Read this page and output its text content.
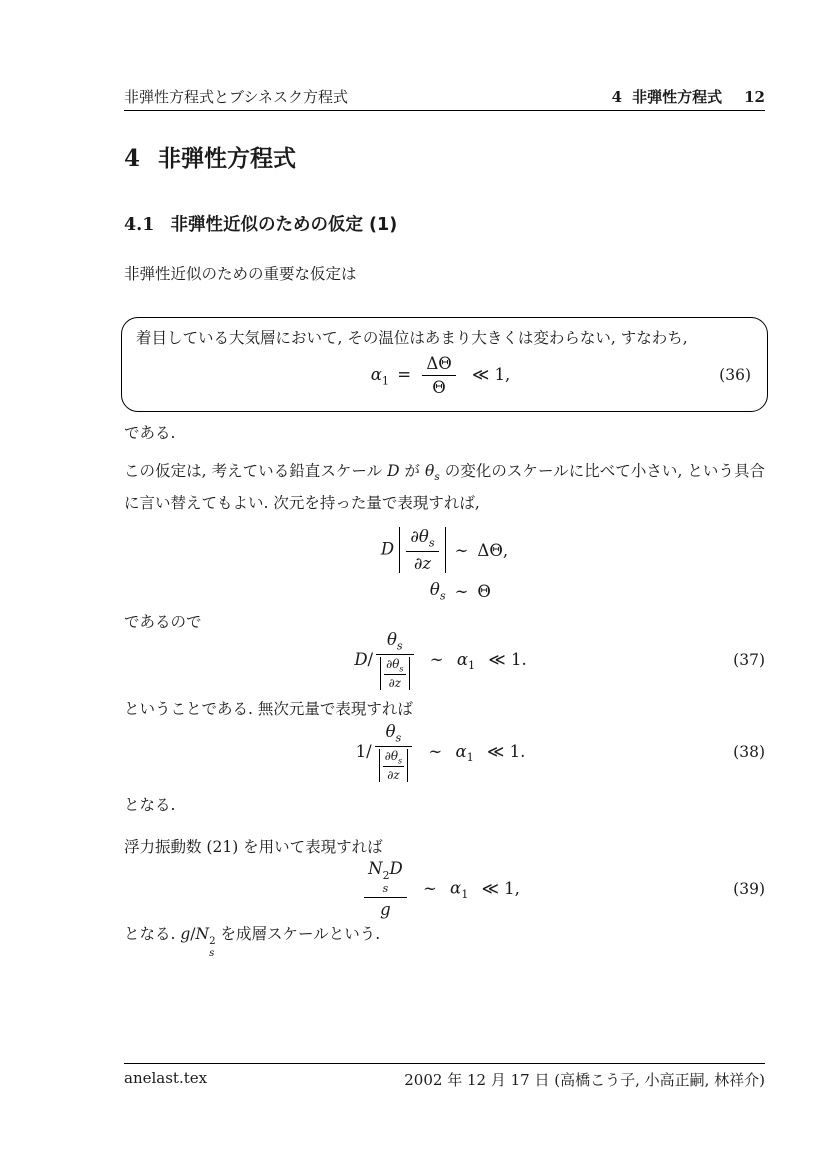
非弾性方程式とブシネスク方程式	4 非弾性方程式 12
4 非弾性方程式
4.1 非弾性近似のための仮定 (1)

非弾性近似のための重要な仮定は

着目している大気層において, その温位はあまり大きくは変わらない, すなわち,

$\alpha_1 = \frac{\Delta\Theta}{\Theta}$ ≪ 1,	(36)

である.

この仮定は, 考えている鉛直スケール D が $\theta_s$ の変化のスケールに比べて小さい, という具合に言い替えてもよい. 次元を持った量で表現すれば,

D $\frac{\partial\theta_s}{\partial z}$	∼	ΔΘ,
$\theta_s$	∼	Θ

であるので

D/ $\theta_s$
$\partial\theta_s$
∂z ∼ $\alpha_1$ ≪ 1.	(37)

ということである. 無次元量で表現すれば

1/ $\theta_s$
$\partial\theta_s$
∂z ∼ $\alpha_1$ ≪ 1.	(38)

となる.

浮力振動数 (21) を用いて表現すれば

N 2
s
D
g ∼ $\alpha_1$ ≪ 1,	(39)

となる. g/N 2
s
を成層スケールという.

anelast.tex	2002 年 12 月 17 日 (高橋こう子, 小高正嗣, 林祥介)
